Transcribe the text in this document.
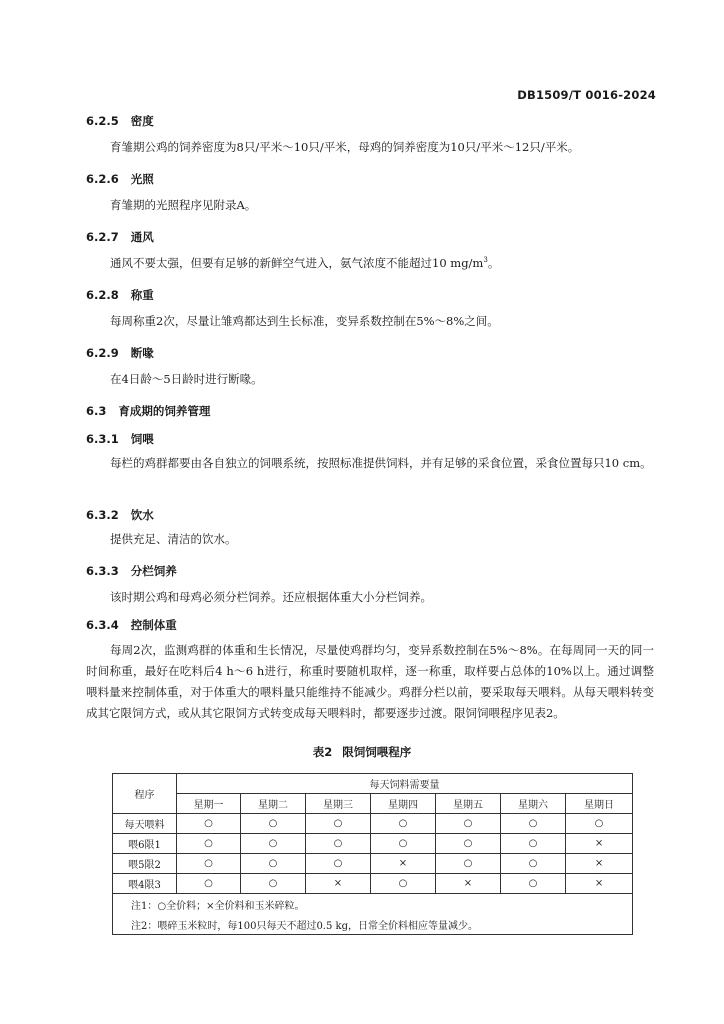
DB1509/T 0016-2024
6.2.5 密度
育雏期公鸡的饲养密度为8只/平米～10只/平米，母鸡的饲养密度为10只/平米～12只/平米。
6.2.6 光照
育雏期的光照程序见附录A。
6.2.7 通风
通风不要太强，但要有足够的新鲜空气进入，氨气浓度不能超过10 $mg/m^3$。
6.2.8 称重
每周称重2次，尽量让雏鸡都达到生长标准，变异系数控制在5%～8%之间。
6.2.9 断喙
在4日龄～5日龄时进行断喙。
6.3 育成期的饲养管理
6.3.1 饲喂
每栏的鸡群都要由各自独立的饲喂系统，按照标准提供饲料，并有足够的采食位置，采食位置每只10 cm。
6.3.2 饮水
提供充足、清洁的饮水。
6.3.3 分栏饲养
该时期公鸡和母鸡必须分栏饲养。还应根据体重大小分栏饲养。
6.3.4 控制体重
每周2次，监测鸡群的体重和生长情况，尽量使鸡群均匀，变异系数控制在5%～8%。在每周同一天的同一时间称重，最好在吃料后4 h～6 h进行，称重时要随机取样，逐一称重，取样要占总体的10%以上。通过调整喂料量来控制体重，对于体重大的喂料量只能维持不能减少。鸡群分栏以前，要采取每天喂料。从每天喂料转变成其它限饲方式，或从其它限饲方式转变成每天喂料时，都要逐步过渡。限饲饲喂程序见表2。
表2 限饲饲喂程序
程序	每天饲料需要量						
	星期一	星期二	星期三	星期四	星期五	星期六	星期日
每天喂料	○	○	○	○	○	○	○
喂6限1	○	○	○	○	○	○	×
喂5限2	○	○	○	×	○	○	×
喂4限3	○	○	×	○	×	○	×
注1：○全价料；×全价料和玉米碎粒。							
注2：喂碎玉米粒时，每100只每天不超过0.5 kg，日常全价料相应等量减少。							
